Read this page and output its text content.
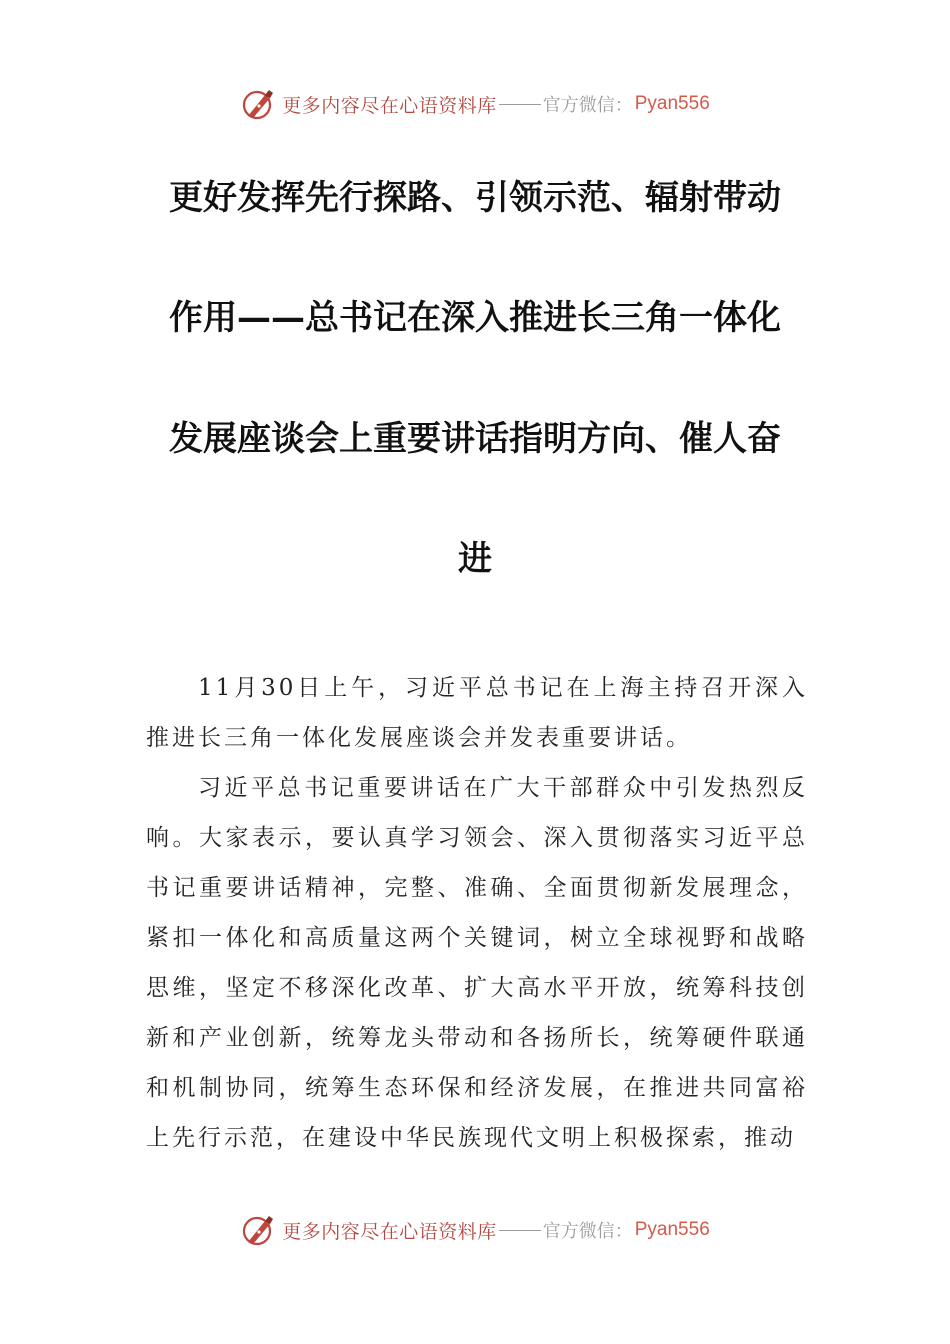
更多内容尽在心语资料库	官方微信： Pyan556
更好发挥先行探路、引领示范、辐射带动
作用——总书记在深入推进长三角一体化
发展座谈会上重要讲话指明方向、催人奋
进
11月30日上午，习近平总书记在上海主持召开深入推进长三角一体化发展座谈会并发表重要讲话。
习近平总书记重要讲话在广大干部群众中引发热烈反响。大家表示，要认真学习领会、深入贯彻落实习近平总书记重要讲话精神，完整、准确、全面贯彻新发展理念，紧扣一体化和高质量这两个关键词，树立全球视野和战略思维，坚定不移深化改革、扩大高水平开放，统筹科技创新和产业创新，统筹龙头带动和各扬所长，统筹硬件联通和机制协同，统筹生态环保和经济发展，在推进共同富裕上先行示范，在建设中华民族现代文明上积极探索，推动
更多内容尽在心语资料库	官方微信： Pyan556
